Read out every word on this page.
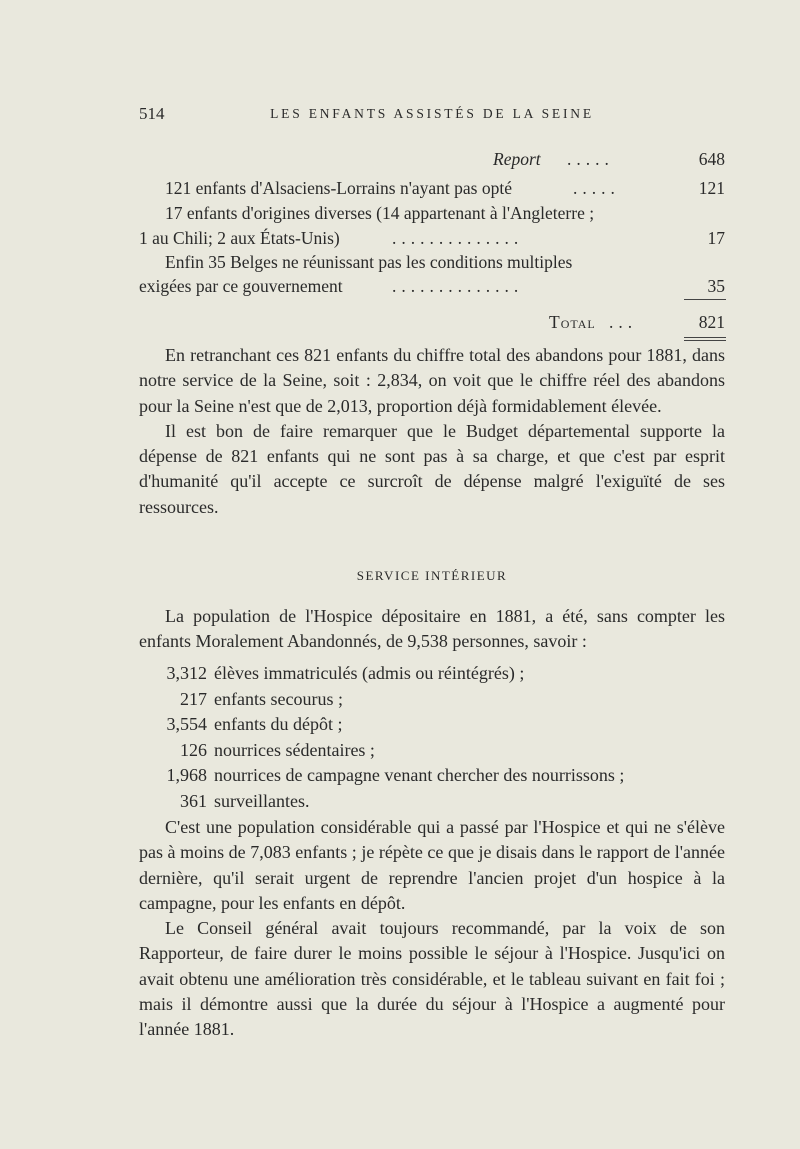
514	LES ENFANTS ASSISTÉS DE LA SEINE
Report .....	648
121 enfants d'Alsaciens-Lorrains n'ayant pas opté	.....	121
17 enfants d'origines diverses (14 appartenant à l'Angleterre ;
1 au Chili; 2 aux États-Unis)	..............	17
Enfin 35 Belges ne réunissant pas les conditions multiples
exigées par ce gouvernement	..............	35
Total ...	821

En retranchant ces 821 enfants du chiffre total des abandons pour 1881, dans notre service de la Seine, soit : 2,834, on voit que le chiffre réel des abandons pour la Seine n'est que de 2,013, proportion déjà formidablement élevée.

Il est bon de faire remarquer que le Budget départemental supporte la dépense de 821 enfants qui ne sont pas à sa charge, et que c'est par esprit d'humanité qu'il accepte ce surcroît de dépense malgré l'exiguïté de ses ressources.

SERVICE INTÉRIEUR

La population de l'Hospice dépositaire en 1881, a été, sans compter les enfants Moralement Abandonnés, de 9,538 personnes, savoir :

3,312 élèves immatriculés (admis ou réintégrés) ;
217 enfants secourus ;
3,554 enfants du dépôt ;
126 nourrices sédentaires ;
1,968 nourrices de campagne venant chercher des nourrissons ;
361 surveillantes.

C'est une population considérable qui a passé par l'Hospice et qui ne s'élève pas à moins de 7,083 enfants ; je répète ce que je disais dans le rapport de l'année dernière, qu'il serait urgent de reprendre l'ancien projet d'un hospice à la campagne, pour les enfants en dépôt.

Le Conseil général avait toujours recommandé, par la voix de son Rapporteur, de faire durer le moins possible le séjour à l'Hospice. Jusqu'ici on avait obtenu une amélioration très considérable, et le tableau suivant en fait foi ; mais il démontre aussi que la durée du séjour à l'Hospice a augmenté pour l'année 1881.
